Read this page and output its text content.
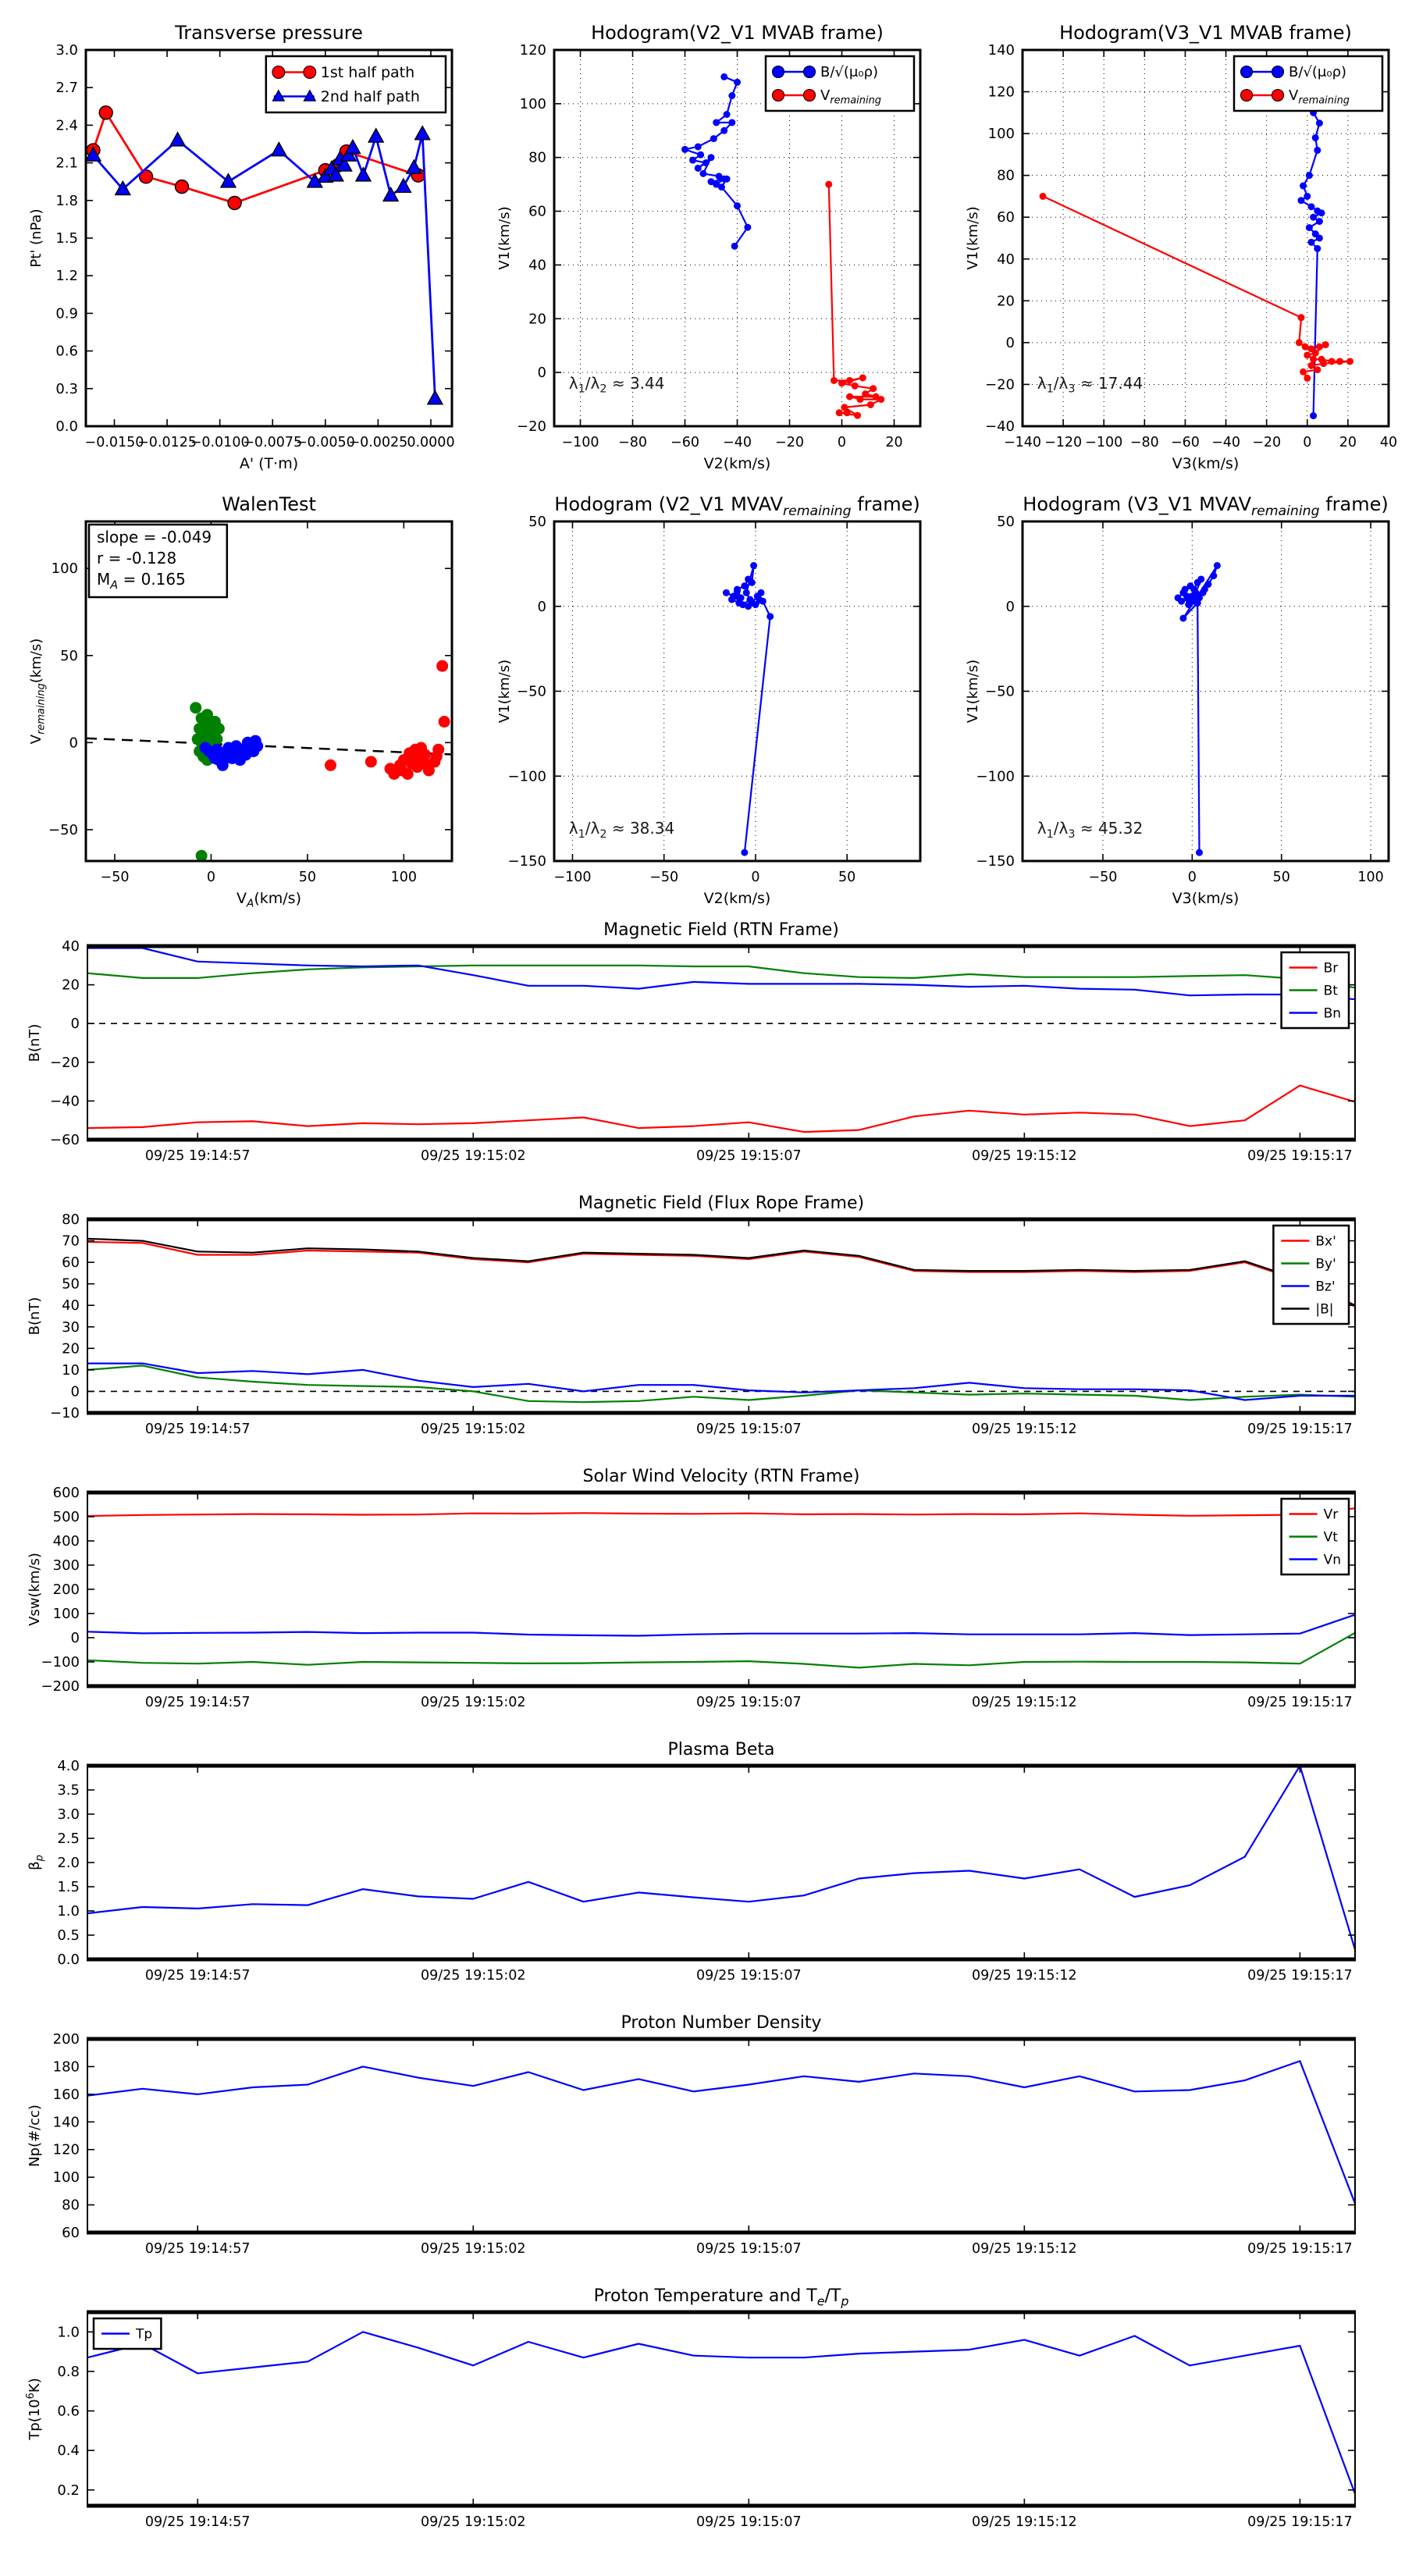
−0.0150
−0.0125
−0.0100
−0.0075
−0.0050
−0.0025 0.0000
0.0
0.3
0.6
0.9
1.2
1.5
1.8
2.1
2.4
2.7
3.0
Transverse pressure
A' (T·m)
Pt' (nPa)
1st half path
2nd half path
−100 −80 −60 −40 −20 0	20
−20
0
20
40
60
80
100
120
Hodogram(V2_V1 MVAB frame)
V2(km/s)
V1(km/s)
$\lambda_1/\lambda_2 \approx 3.44$
B/√(μ₀ρ)
$V_{remaining}$
−140 −120 −100 −80 −60 −40 −20 0 20 40
−40
−20
0
20
40
60
80
100
120
140
Hodogram(V3_V1 MVAB frame)
V3(km/s)
V1(km/s)
$\lambda_1/\lambda_3 \approx 17.44$
B/√(μ₀ρ)
$V_{remaining}$
−50	0	50	100
−50
0
50
100
WalenTest
$V_A(km/s)$
$V_{remaining}(km/s)$
slope = -0.049
r = -0.128
$M_A = 0.165$
−100	−50	0	50
−150
−100
−50
0
50
Hodogram (V2_V1 $MVAV_{remaining}$ frame)
V2(km/s)
V1(km/s)
$\lambda_1/\lambda_2 \approx 38.34$
−50	0	50	100
−150
−100
−50
0
50
Hodogram (V3_V1 $MVAV_{remaining}$ frame)
V3(km/s)
V1(km/s)
$\lambda_1/\lambda_3 \approx 45.32$
09/25 19:14:57	09/25 19:15:02	09/25 19:15:07	09/25 19:15:12	09/25 19:15:17
−60
−40
−20
0
20
40
Magnetic Field (RTN Frame)
B(nT)
Br
Bt
Bn
09/25 19:14:57	09/25 19:15:02	09/25 19:15:07	09/25 19:15:12	09/25 19:15:17
−10
0
10
20
30
40
50
60
70
80
Magnetic Field (Flux Rope Frame)
B(nT)
Bx'
By'
Bz'
|B|
09/25 19:14:57	09/25 19:15:02	09/25 19:15:07	09/25 19:15:12	09/25 19:15:17
−200
−100
0
100
200
300
400
500
600
Solar Wind Velocity (RTN Frame)
Vsw(km/s)
Vr
Vt
Vn
09/25 19:14:57	09/25 19:15:02	09/25 19:15:07	09/25 19:15:12	09/25 19:15:17
0.0
0.5
1.0
1.5
2.0
2.5
3.0
3.5
4.0
Plasma Beta
$\beta_p$
09/25 19:14:57	09/25 19:15:02	09/25 19:15:07	09/25 19:15:12	09/25 19:15:17
60
80
100
120
140
160
180
200
Proton Number Density
Np(#/cc)
09/25 19:14:57	09/25 19:15:02	09/25 19:15:07	09/25 19:15:12	09/25 19:15:17
0.2
0.4
0.6
0.8
1.0
Proton Temperature and $T_e/T_p$
$Tp(10^6K)$
Tp
